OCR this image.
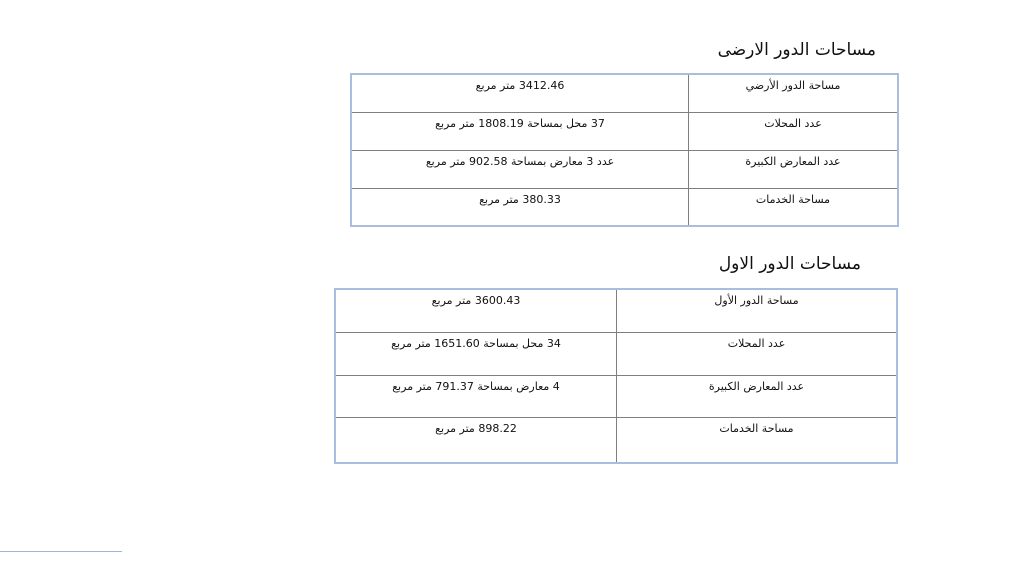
مساحات الدور الارضى
3412.46 متر مربع	مساحة الدور الأرضي
37 محل بمساحة 1808.19 متر مربع	عدد المحلات
عدد 3 معارض بمساحة 902.58 متر مربع	عدد المعارض الكبيرة
380.33 متر مربع	مساحة الخدمات
مساحات الدور الاول
3600.43 متر مربع	مساحة الدور الأول
34 محل بمساحة 1651.60 متر مربع	عدد المحلات
4 معارض بمساحة 791.37 متر مربع	عدد المعارض الكبيرة
898.22 متر مربع	مساحة الخدمات
